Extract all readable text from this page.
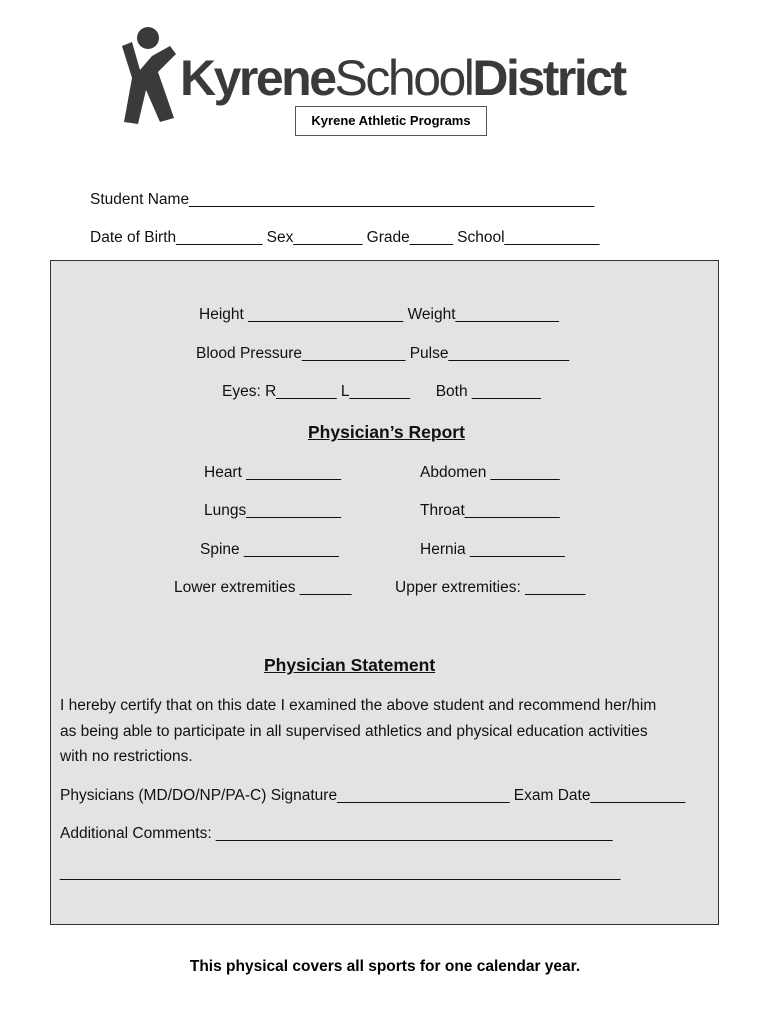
KyreneSchoolDistrict
Kyrene Athletic Programs
Student Name_______________________________________________
Date of Birth__________ Sex________ Grade_____ School___________
Height __________________ Weight____________
Blood Pressure____________ Pulse______________
Eyes: R_______ L_______      Both ________
Physician’s Report
Heart ___________	Abdomen ________
Lungs___________	Throat___________
Spine ___________	Hernia ___________
Lower extremities ______	Upper extremities: _______
Physician Statement
I hereby certify that on this date I examined the above student and recommend her/him
as being able to participate in all supervised athletics and physical education activities
with no restrictions.
Physicians (MD/DO/NP/PA-C) Signature____________________ Exam Date___________
Additional Comments: ______________________________________________
_________________________________________________________________
This physical covers all sports for one calendar year.
